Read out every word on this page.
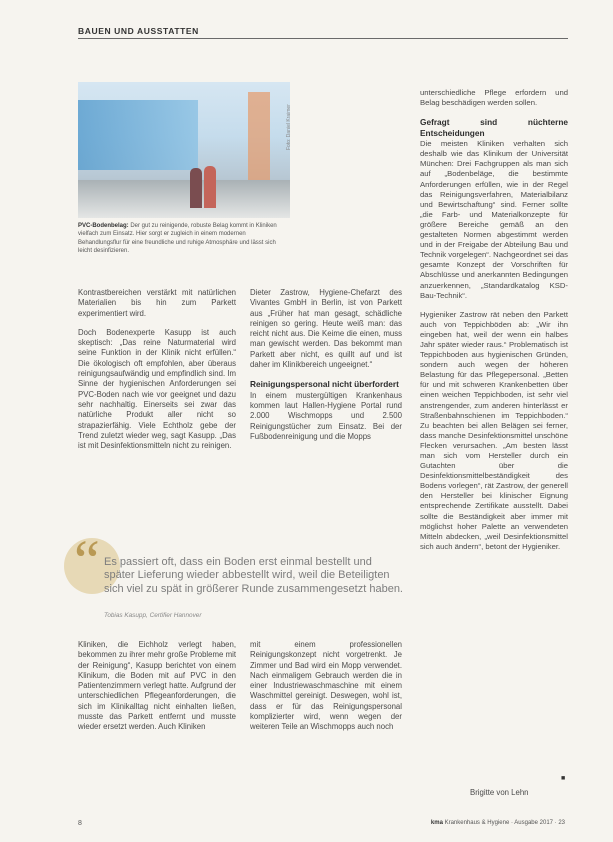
BAUEN UND AUSSTATTEN
Foto: Daniel Kraimer
PVC-Bodenbelag: Der gut zu reinigende, robuste Belag kommt in Kliniken vielfach zum Einsatz. Hier sorgt er zugleich in einem modernen Behandlungsflur für eine freundliche und ruhige Atmosphäre und lässt sich leicht desinfizieren.

Kontrastbereichen verstärkt mit natürlichen Materialien bis hin zum Parkett experimentiert wird.

Doch Bodenexperte Kasupp ist auch skeptisch: „Das reine Naturmaterial wird seine Funktion in der Klinik nicht erfüllen.“ Die ökologisch oft empfohlen, aber überaus reinigungsaufwändig und empfindlich sind. Im Sinne der hygienischen Anforderungen sei PVC-Boden nach wie vor geeignet und dazu sehr nachhaltig. Einerseits sei zwar das natürliche Produkt aller nicht so strapazierfähig. Viele Echtholz gebe der Trend zuletzt wieder weg, sagt Kasupp. „Das ist mit Desinfektionsmitteln nicht zu reinigen.

Dieter Zastrow, Hygiene-Chefarzt des Vivantes GmbH in Berlin, ist von Parkett aus „Früher hat man gesagt, schädliche reinigen so gering. Heute weiß man: das reicht nicht aus. Die Keime die einen, muss man gewischt werden. Das bekommt man Parkett aber nicht, es quillt auf und ist daher im Klinikbereich ungeeignet.“

Reinigungspersonal nicht überfordert

In einem mustergültigen Krankenhaus kommen laut Hallen-Hygiene Portal rund 2.000 Wischmopps und 2.500 Reinigungstücher zum Einsatz. Bei der Fußbodenreinigung und die Mopps

unterschiedliche Pflege erfordern und Belag beschädigen werden sollen.

Gefragt sind nüchterne Entscheidungen

Die meisten Kliniken verhalten sich deshalb wie das Klinikum der Universität München: Drei Fachgruppen als man sich auf „Bodenbeläge, die bestimmte Anforderungen erfüllen, wie in der Regel das Reinigungsverfahren, Materialbilanz und Bewirtschaftung“ sind. Ferner sollte „die Farb- und Materialkonzepte für größere Bereiche gemäß an den gestalteten Normen abgestimmt werden und in der Freigabe der Abteilung Bau und Technik vorgelegen“. Nachgeordnet sei das gesamte Konzept der Vorschriften für Abschlüsse und anerkannten Bedingungen anzuerkennen, „Standardkatalog KSD-Bau-Technik“.

Hygieniker Zastrow rät neben den Parkett auch von Teppichböden ab: „Wir ihn eingeben hat, weil der wenn ein halbes Jahr später wieder raus.“ Problematisch ist Teppichboden aus hygienischen Gründen, sondern auch wegen der höheren Belastung für das Pflegepersonal. „Betten für und mit schweren Krankenbetten über einen weichen Teppichboden, ist sehr viel anstrengender, zum anderen hinterlässt er Straßenbahnschienen im Teppichboden.“ Zu beachten bei allen Belägen sei ferner, dass manche Desinfektionsmittel unschöne Flecken verursachen. „Am besten lässt man sich vom Hersteller durch ein Gutachten über die Desinfektionsmittelbeständigkeit des Bodens vorlegen“, rät Zastrow, der generell den Hersteller bei klinischer Eignung entsprechende Zertifikate ausstellt. Dabei sollte die Beständigkeit aber immer mit möglichst hoher Palette an verwendeten Mitteln abdecken, „weil Desinfektionsmittel sich auch ändern“, betont der Hygieniker.

“ Es passiert oft, dass ein Boden erst einmal bestellt und später Lieferung wieder abbestellt wird, weil die Beteiligten sich viel zu spät in größerer Runde zusammengesetzt haben.
Tobias Kasupp, Certifier Hannover

Kliniken, die Eichholz verlegt haben, bekommen zu ihrer mehr große Probleme mit der Reinigung“, Kasupp berichtet von einem Klinikum, die Boden mit auf PVC in den Patientenzimmern verlegt hatte. Aufgrund der unterschiedlichen Pflegeanforderungen, die sich im Klinikalltag nicht einhalten ließen, musste das Parkett entfernt und musste wieder ersetzt werden. Auch Kliniken

mit einem professionellen Reinigungskonzept nicht vorgetrenkt. Je Zimmer und Bad wird ein Mopp verwendet. Nach einmaligem Gebrauch werden die in einer Industriewaschmaschine mit einem Waschmittel gereinigt. Deswegen, wohl ist, dass er für das Reinigungspersonal komplizierter wird, wenn wegen der weiteren Teile an Wischmopps auch noch

■
Brigitte von Lehn
8	kma Krankenhaus & Hygiene · Ausgabe 2017 · 23
